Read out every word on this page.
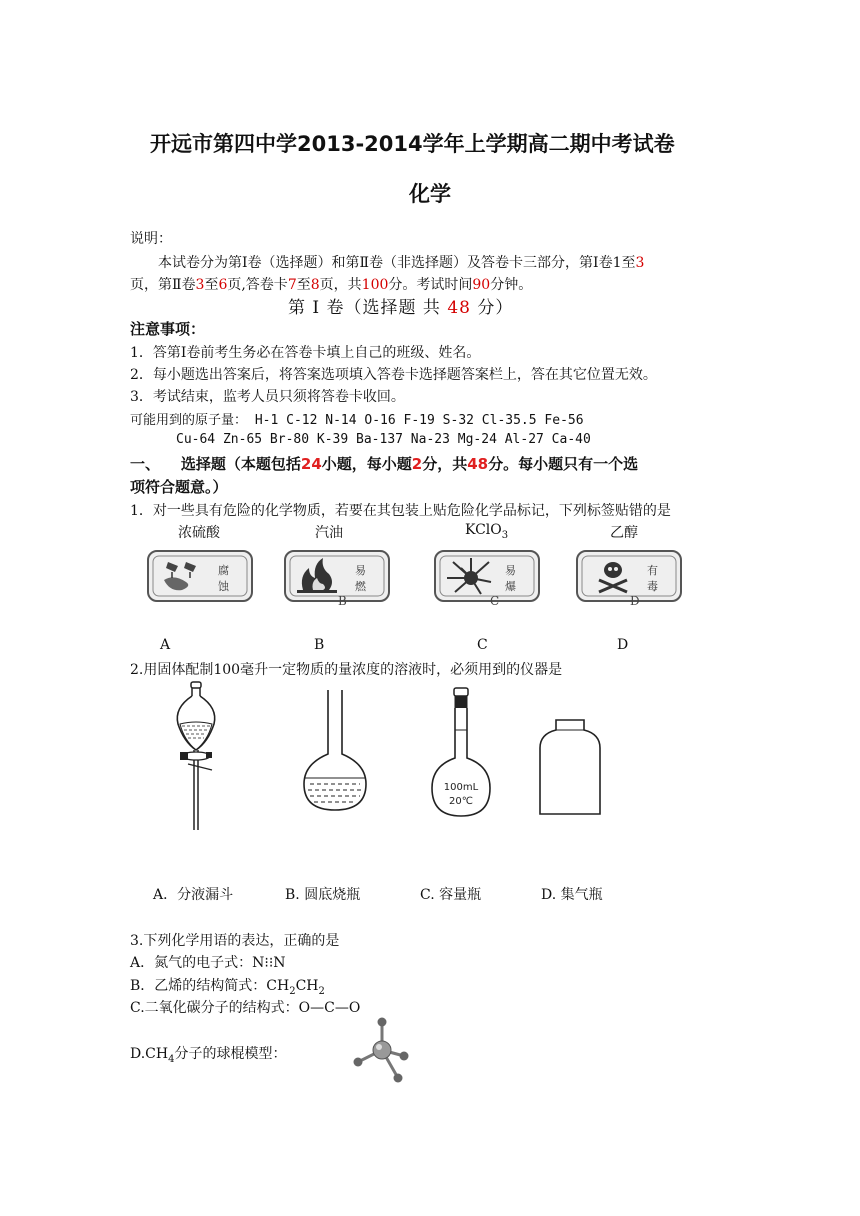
开远市第四中学2013-2014学年上学期高二期中考试卷
化学
说明：
本试卷分为第Ⅰ卷（选择题）和第Ⅱ卷（非选择题）及答卷卡三部分，第Ⅰ卷1至3
页，第Ⅱ卷3至6页,答卷卡7至8页，共100分。考试时间90分钟。
第 Ⅰ 卷（选择题 共 48 分）
注意事项：
1．答第Ⅰ卷前考生务必在答卷卡填上自己的班级、姓名。
2．每小题选出答案后，将答案选项填入答卷卡选择题答案栏上，答在其它位置无效。
3．考试结束，监考人员只须将答卷卡收回。
可能用到的原子量： H-1 C-12 N-14 O-16 F-19 S-32 Cl-35.5 Fe-56
Cu-64 Zn-65 Br-80 K-39 Ba-137 Na-23 Mg-24 Al-27 Ca-40
一、    选择题（本题包括24小题，每小题2分，共48分。每小题只有一个选
项符合题意。）
1．对一些具有危险的化学物质，若要在其包装上贴危险化学品标记，下列标签贴错的是
浓硫酸	汽油	KClO$_3$	乙醇
腐
蚀
易
燃
易
爆
有
毒
B	C	D
A	B	C	D
2.用固体配制100毫升一定物质的量浓度的溶液时，必须用到的仪器是
100mL
20℃
A．分液漏斗	B. 圆底烧瓶	C. 容量瓶	D. 集气瓶
3.下列化学用语的表达，正确的是
A．氮气的电子式：N⁝⁝N
B．乙烯的结构简式：$CH_2CH_2$
C.二氧化碳分子的结构式：O—C—O
$D.CH_4$分子的球棍模型：
